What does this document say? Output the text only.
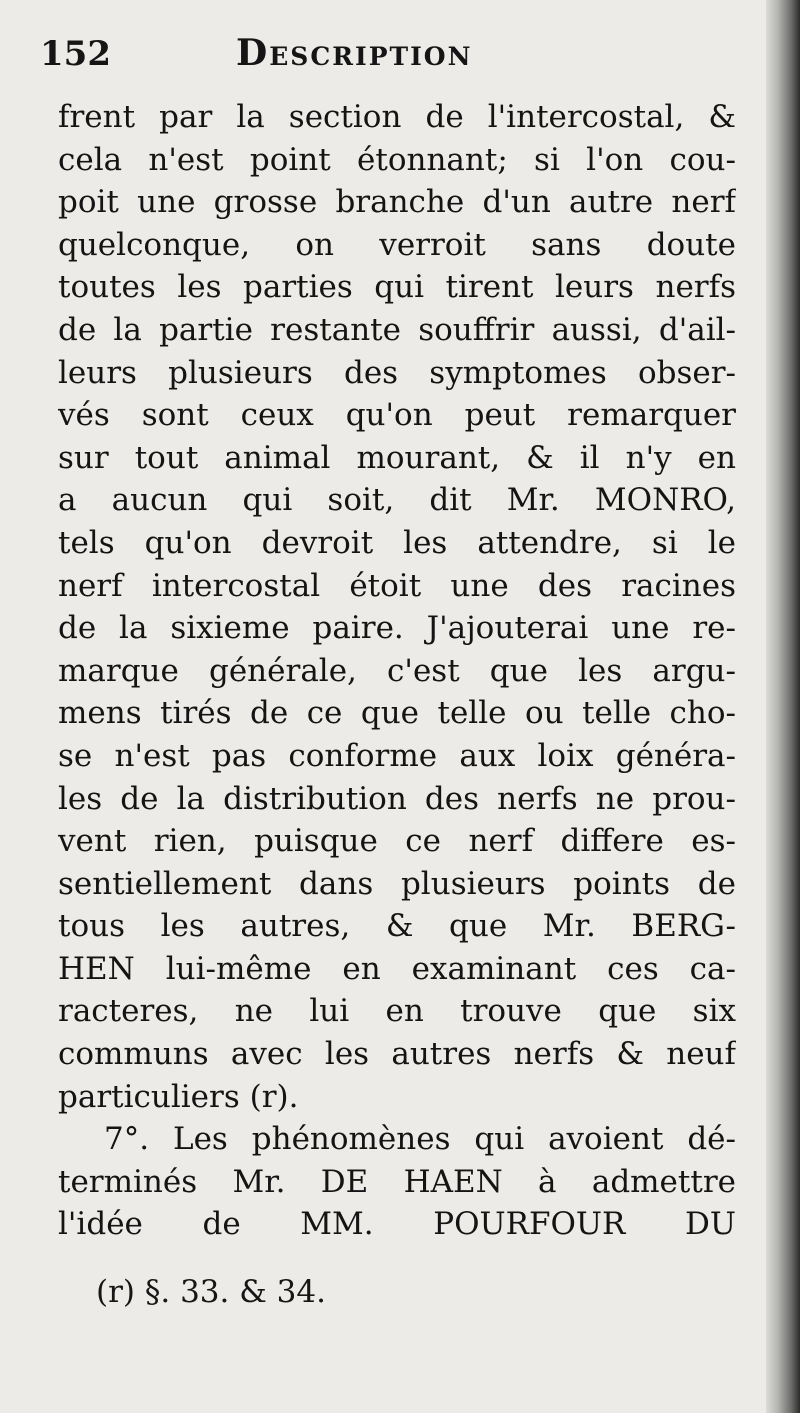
152	Description
frent par la section de l'intercostal, &
cela n'est point étonnant; si l'on cou-
poit une grosse branche d'un autre nerf
quelconque, on verroit sans doute
toutes les parties qui tirent leurs nerfs
de la partie restante souffrir aussi, d'ail-
leurs plusieurs des symptomes obser-
vés sont ceux qu'on peut remarquer
sur tout animal mourant, & il n'y en
a aucun qui soit, dit Mr. MONRO,
tels qu'on devroit les attendre, si le
nerf intercostal étoit une des racines
de la sixieme paire. J'ajouterai une re-
marque générale, c'est que les argu-
mens tirés de ce que telle ou telle cho-
se n'est pas conforme aux loix généra-
les de la distribution des nerfs ne prou-
vent rien, puisque ce nerf differe es-
sentiellement dans plusieurs points de
tous les autres, & que Mr. BERG-
HEN lui-même en examinant ces ca-
racteres, ne lui en trouve que six
communs avec les autres nerfs & neuf
particuliers (r).
7°. Les phénomènes qui avoient dé-
terminés Mr. DE HAEN à admettre
l'idée de MM. POURFOUR DU
(r) §. 33. & 34.
